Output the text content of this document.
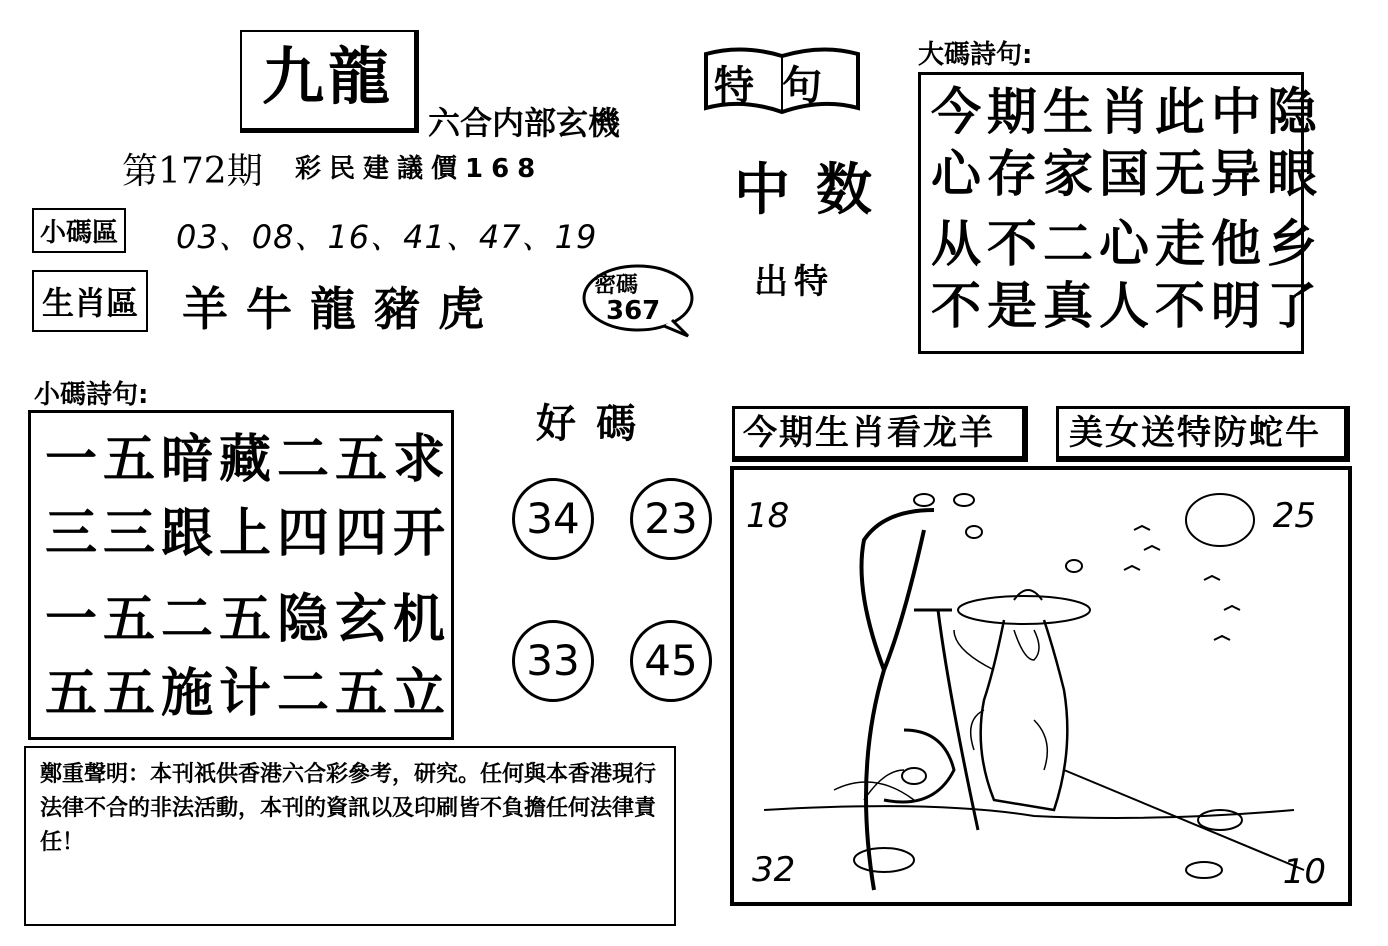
九龍
六合内部玄機
第172期 彩民建議價168
小碼區 03、08、16、41、47、19
生肖區 羊牛龍豬虎
特句
中数
出特
密碼
367
大碼詩句:
今期生肖此中隐
心存家国无异眼
从不二心走他乡
不是真人不明了
小碼詩句:
一五暗藏二五求
三三跟上四四开
一五二五隐玄机
五五施计二五立
好碼
34	23
33	45
今期生肖看龙羊	美女送特防蛇牛
18	25
32	10
鄭重聲明：本刊祇供香港六合彩參考，研究。任何與本香港現行法律不合的非法活動，本刊的資訊以及印刷皆不負擔任何法律責任！
